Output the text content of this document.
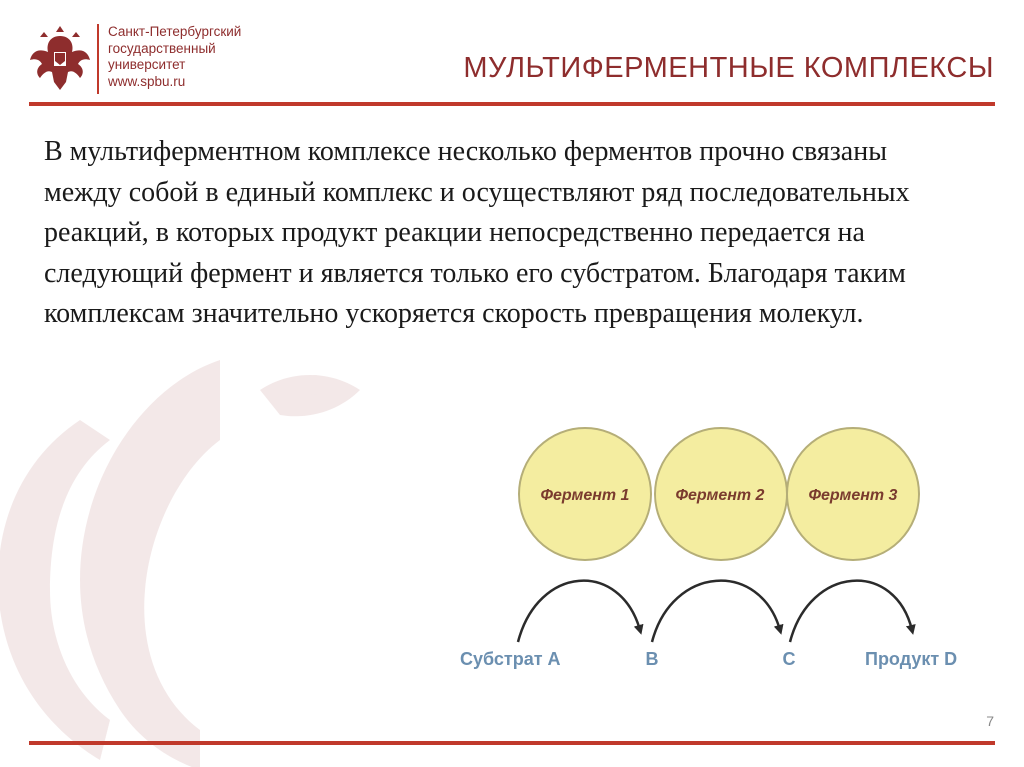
Санкт-Петербургский
государственный
университет
www.spbu.ru	МУЛЬТИФЕРМЕНТНЫЕ КОМПЛЕКСЫ

В мультиферментном комплексе несколько ферментов прочно связаны между собой в единый комплекс и осуществляют ряд последовательных реакций, в которых продукт реакции непосредственно передается на следующий фермент и является только его субстратом. Благодаря таким комплексам значительно ускоряется скорость превращения молекул.

Фермент 1	Фермент 2	Фермент 3
Субстрат А	В	С	Продукт D
7
